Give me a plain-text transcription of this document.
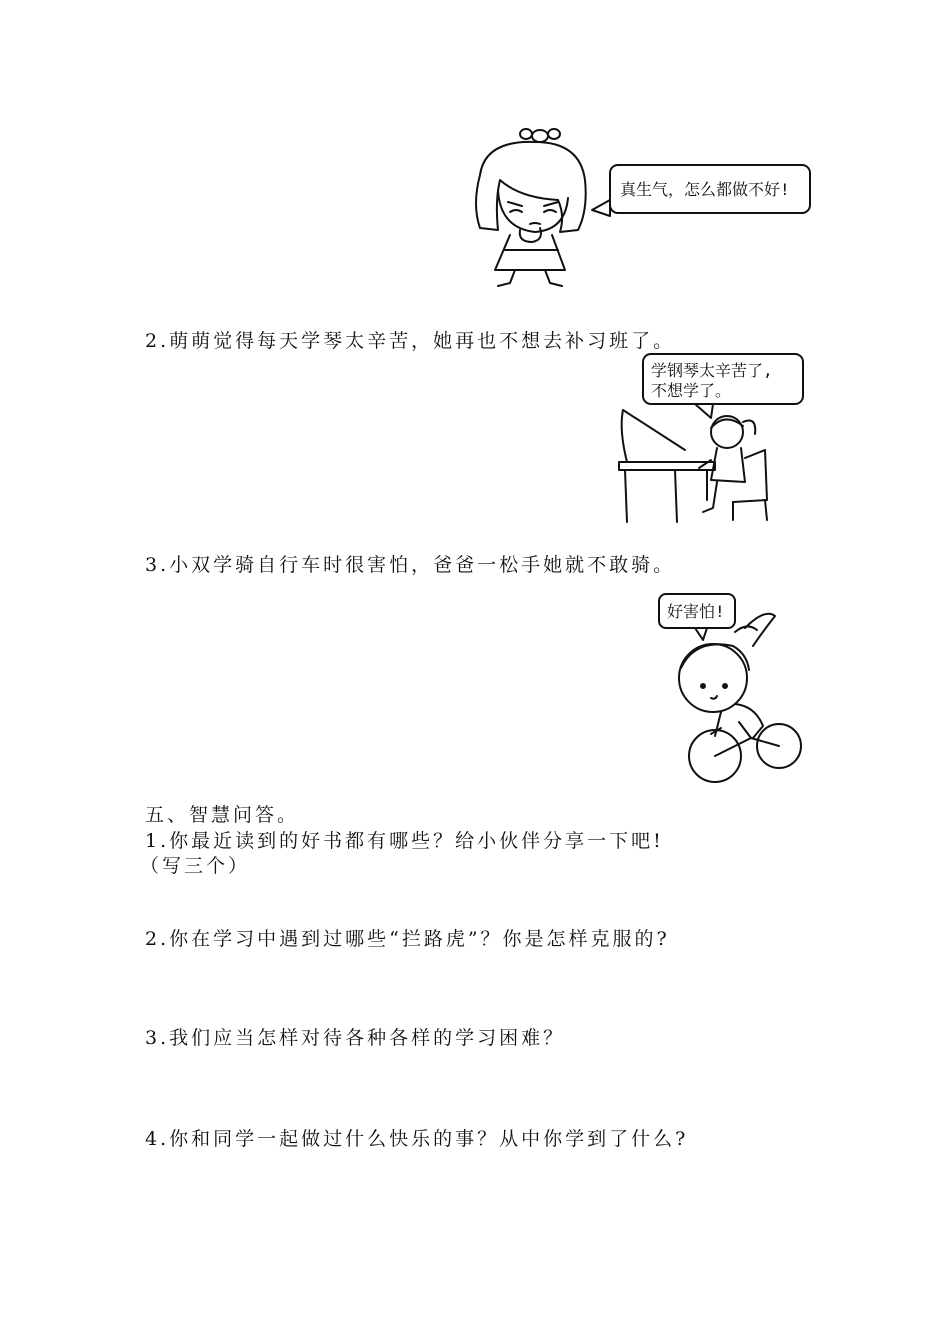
真生气，怎么都做不好!
2.萌萌觉得每天学琴太辛苦，她再也不想去补习班了。
学钢琴太辛苦了,
不想学了。
3.小双学骑自行车时很害怕，爸爸一松手她就不敢骑。
好害怕!
五、智慧问答。
1.你最近读到的好书都有哪些？给小伙伴分享一下吧!
（写三个）
2.你在学习中遇到过哪些“拦路虎”？你是怎样克服的?
3.我们应当怎样对待各种各样的学习困难？
4.你和同学一起做过什么快乐的事？从中你学到了什么?
